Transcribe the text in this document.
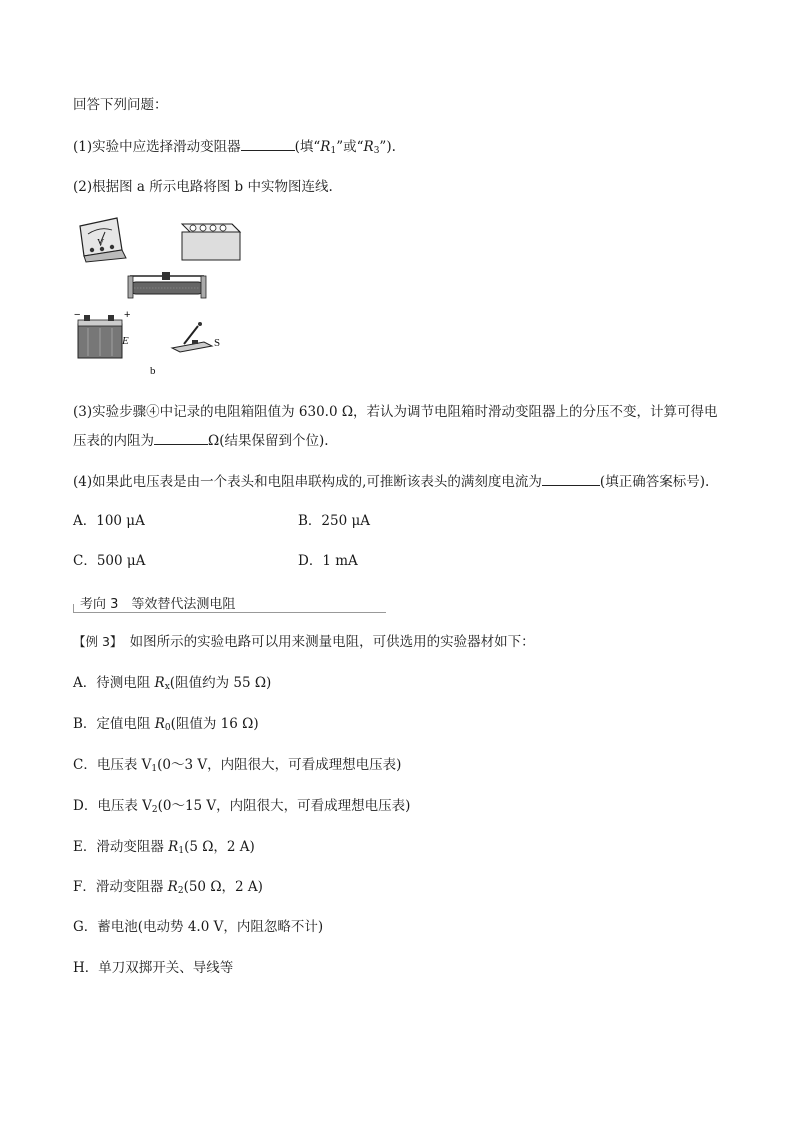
回答下列问题：
(1)实验中应选择滑动变阻器	(填“$R_1$”或“$R_3$”).
(2)根据图 a 所示电路将图 b 中实物图连线.
V
−	+
E	S
b
(3)实验步骤④中记录的电阻箱阻值为 630.0 Ω，若认为调节电阻箱时滑动变阻器上的分压不变，计算可得电
压表的内阻为	Ω(结果保留到个位).
(4)如果此电压表是由一个表头和电阻串联构成的,可推断该表头的满刻度电流为	(填正确答案标号).
A．100 μA	B．250 μA
C．500 μA	D．1 mA
考向 3　等效替代法测电阻
【例 3】　如图所示的实验电路可以用来测量电阻，可供选用的实验器材如下：
A．待测电阻 $R_x$(阻值约为 55 Ω)
B．定值电阻 $R_0$(阻值为 16 Ω)
C．电压表 $V_1(0\sim 3$ V，内阻很大，可看成理想电压表)
D．电压表 $V_2(0\sim 15$ V，内阻很大，可看成理想电压表)
E．滑动变阻器 $R_1(5$ Ω，2 A)
F．滑动变阻器 $R_2(50$ Ω，2 A)
G．蓄电池(电动势 4.0 V，内阻忽略不计)
H．单刀双掷开关、导线等
